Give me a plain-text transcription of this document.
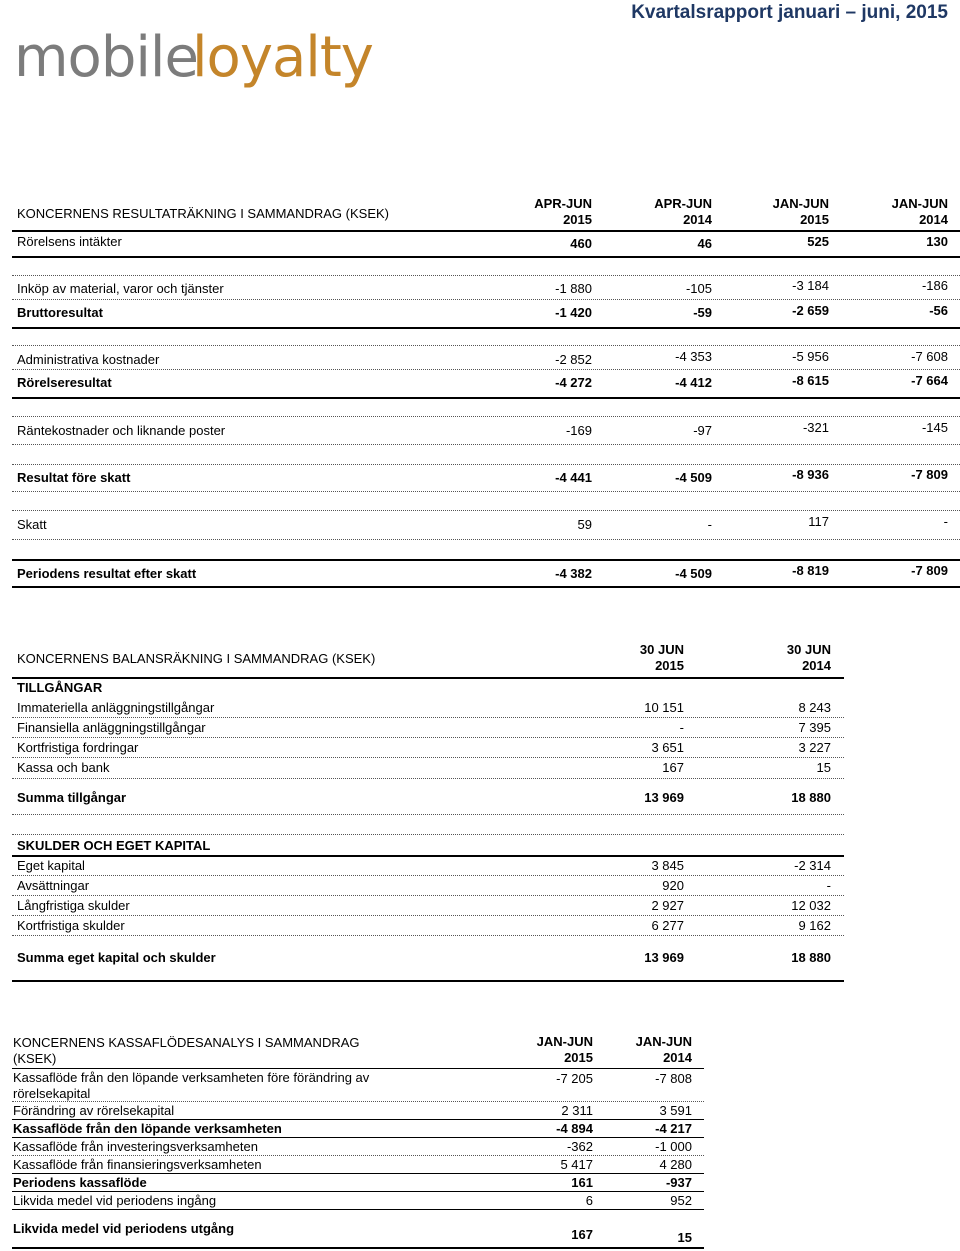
Kvartalsrapport januari – juni, 2015
mobile
loyalty
KONCERNENS RESULTATRÄKNING I SAMMANDRAG (KSEK)
APR-JUN
2015
APR-JUN
2014
JAN-JUN
2015
JAN-JUN
2014
Rörelsens intäkter	460	46	525	130
Inköp av material, varor och tjänster	-1 880	-105	-3 184	-186
Bruttoresultat	-1 420	-59	-2 659	-56
Administrativa kostnader	-2 852	-4 353	-5 956	-7 608
Rörelseresultat	-4 272	-4 412	-8 615	-7 664
Räntekostnader och liknande poster	-169	-97	-321	-145
Resultat före skatt	-4 441	-4 509	-8 936	-7 809
Skatt	59	-	117	-
Periodens resultat efter skatt	-4 382	-4 509	-8 819	-7 809
KONCERNENS BALANSRÄKNING I SAMMANDRAG (KSEK)
30 JUN
2015
30 JUN
2014
TILLGÅNGAR
Immateriella anläggningstillgångar	10 151	8 243
Finansiella anläggningstillgångar	-	7 395
Kortfristiga fordringar	3 651	3 227
Kassa och bank	167	15
Summa tillgångar	13 969	18 880
SKULDER OCH EGET KAPITAL
Eget kapital	3 845	-2 314
Avsättningar	920	-
Långfristiga skulder	2 927	12 032
Kortfristiga skulder	6 277	9 162
Summa eget kapital och skulder	13 969	18 880
KONCERNENS KASSAFLÖDESANALYS I SAMMANDRAG (KSEK)
JAN-JUN
2015
JAN-JUN
2014
Kassaflöde från den löpande verksamheten före förändring av rörelsekapital
-7 205	-7 808
Förändring av rörelsekapital	2 311	3 591
Kassaflöde från den löpande verksamheten	-4 894	-4 217
Kassaflöde från investeringsverksamheten	-362	-1 000
Kassaflöde från finansieringsverksamheten	5 417	4 280
Periodens kassaflöde	161	-937
Likvida medel vid periodens ingång	6	952
Likvida medel vid periodens utgång	167	15
